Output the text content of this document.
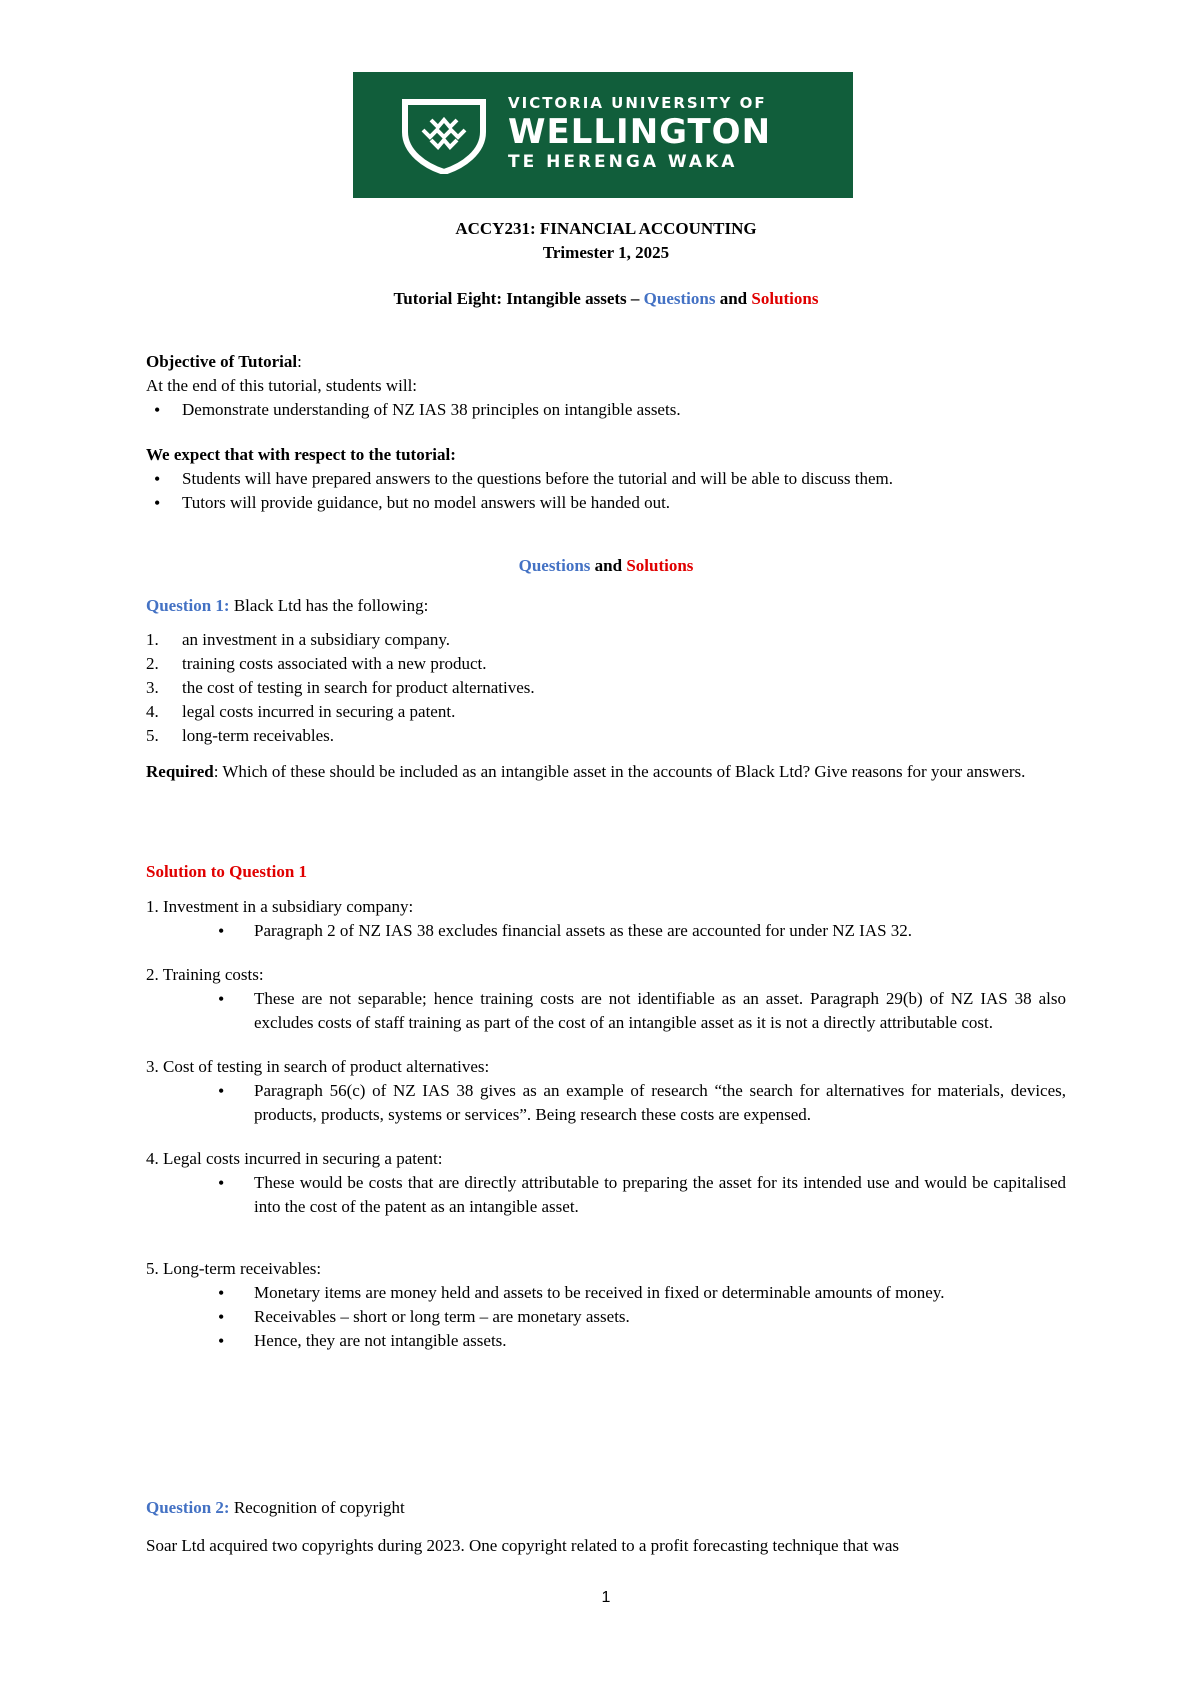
VICTORIA UNIVERSITY OF
WELLINGTON
TE HERENGA WAKA
ACCY231: FINANCIAL ACCOUNTING
Trimester 1, 2025
Tutorial Eight: Intangible assets – Questions and Solutions

Objective of Tutorial:

At the end of this tutorial, students will:

• Demonstrate understanding of NZ IAS 38 principles on intangible assets.

We expect that with respect to the tutorial:

• Students will have prepared answers to the questions before the tutorial and will be able to discuss them.
• Tutors will provide guidance, but no model answers will be handed out.
Questions and Solutions

Question 1: Black Ltd has the following:

1. an investment in a subsidiary company.
2. training costs associated with a new product.
3. the cost of testing in search for product alternatives.
4. legal costs incurred in securing a patent.
5. long-term receivables.

Required: Which of these should be included as an intangible asset in the accounts of Black Ltd? Give reasons for your answers.

Solution to Question 1

1. Investment in a subsidiary company:

• Paragraph 2 of NZ IAS 38 excludes financial assets as these are accounted for under NZ IAS 32.

2. Training costs:

• These are not separable; hence training costs are not identifiable as an asset. Paragraph 29(b) of NZ IAS 38 also excludes costs of staff training as part of the cost of an intangible asset as it is not a directly attributable cost.

3. Cost of testing in search of product alternatives:

• Paragraph 56(c) of NZ IAS 38 gives as an example of research “the search for alternatives for materials, devices, products, products, systems or services”. Being research these costs are expensed.

4. Legal costs incurred in securing a patent:

• These would be costs that are directly attributable to preparing the asset for its intended use and would be capitalised into the cost of the patent as an intangible asset.

5. Long-term receivables:

• Monetary items are money held and assets to be received in fixed or determinable amounts of money.
• Receivables – short or long term – are monetary assets.
• Hence, they are not intangible assets.

Question 2: Recognition of copyright

Soar Ltd acquired two copyrights during 2023. One copyright related to a profit forecasting technique that was

1
